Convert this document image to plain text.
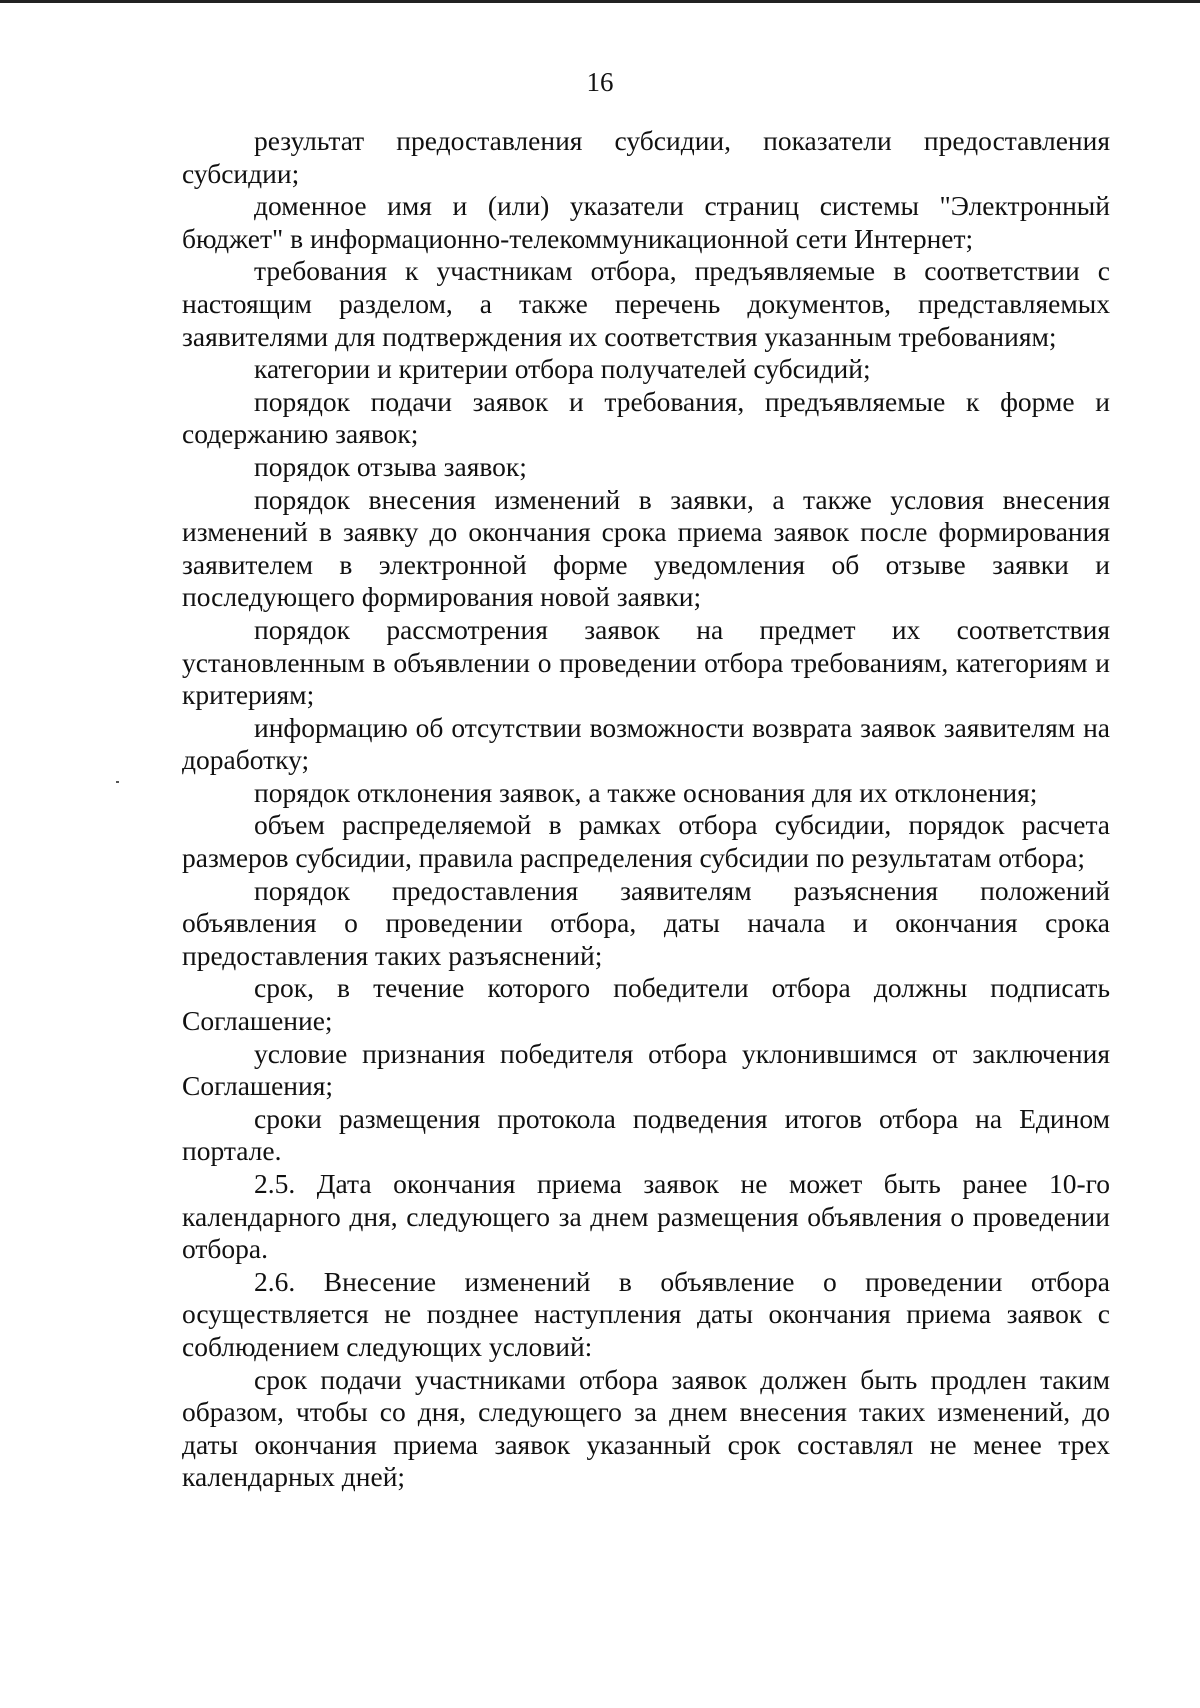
16

результат предоставления субсидии, показатели предоставления субсидии;

доменное имя и (или) указатели страниц системы "Электронный бюджет" в информационно-телекоммуникационной сети Интернет;

требования к участникам отбора, предъявляемые в соответствии с настоящим разделом, а также перечень документов, представляемых заявителями для подтверждения их соответствия указанным требованиям;

категории и критерии отбора получателей субсидий;

порядок подачи заявок и требования, предъявляемые к форме и содержанию заявок;

порядок отзыва заявок;

порядок внесения изменений в заявки, а также условия внесения изменений в заявку до окончания срока приема заявок после формирования заявителем в электронной форме уведомления об отзыве заявки и последующего формирования новой заявки;

порядок рассмотрения заявок на предмет их соответствия установленным в объявлении о проведении отбора требованиям, категориям и критериям;

информацию об отсутствии возможности возврата заявок заявителям на доработку;

порядок отклонения заявок, а также основания для их отклонения;

объем распределяемой в рамках отбора субсидии, порядок расчета размеров субсидии, правила распределения субсидии по результатам отбора;

порядок предоставления заявителям разъяснения положений объявления о проведении отбора, даты начала и окончания срока предоставления таких разъяснений;

срок, в течение которого победители отбора должны подписать Соглашение;

условие признания победителя отбора уклонившимся от заключения Соглашения;

сроки размещения протокола подведения итогов отбора на Едином портале.

2.5. Дата окончания приема заявок не может быть ранее 10-го календарного дня, следующего за днем размещения объявления о проведении отбора.

2.6. Внесение изменений в объявление о проведении отбора осуществляется не позднее наступления даты окончания приема заявок с соблюдением следующих условий:

срок подачи участниками отбора заявок должен быть продлен таким образом, чтобы со дня, следующего за днем внесения таких изменений, до даты окончания приема заявок указанный срок составлял не менее трех календарных дней;
